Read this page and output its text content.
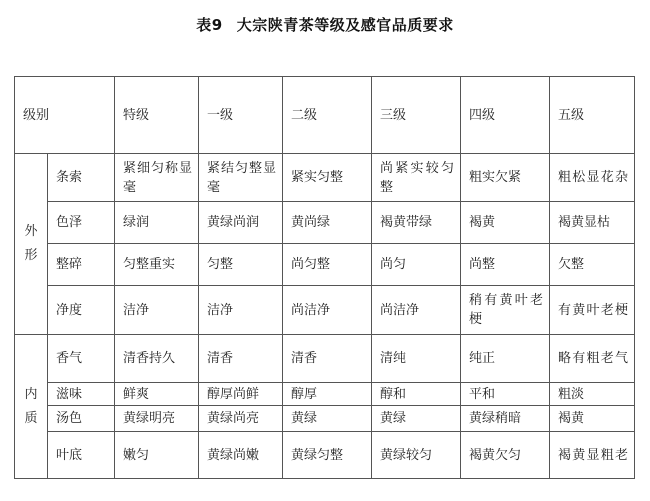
表9 大宗陕青茶等级及感官品质要求
级别		特级	一级	二级	三级	四级	五级

外
形	条索	紧细匀称显毫	紧结匀整显毫	紧实匀整	尚紧实较匀整	粗实欠紧	粗松显花杂
	色泽	绿润	黄绿尚润	黄尚绿	褐黄带绿	褐黄	褐黄显枯
	整碎	匀整重实	匀整	尚匀整	尚匀	尚整	欠整
	净度	洁净	洁净	尚洁净	尚洁净	稍有黄叶老梗	有黄叶老梗

内
质	香气	清香持久	清香	清香	清纯	纯正	略有粗老气
	滋味	鲜爽	醇厚尚鲜	醇厚	醇和	平和	粗淡
	汤色	黄绿明亮	黄绿尚亮	黄绿	黄绿	黄绿稍暗	褐黄
	叶底	嫩匀	黄绿尚嫩	黄绿匀整	黄绿较匀	褐黄欠匀	褐黄显粗老
